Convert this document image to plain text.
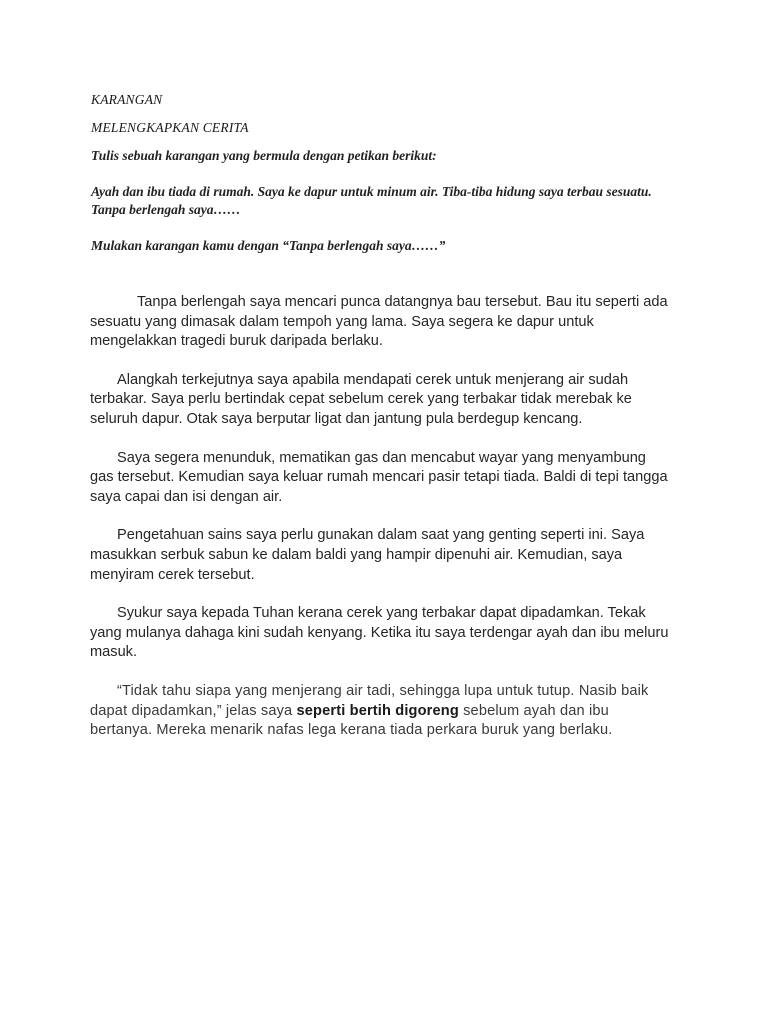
KARANGAN

MELENGKAPKAN CERITA

Tulis sebuah karangan yang bermula dengan petikan berikut:

Ayah dan ibu tiada di rumah. Saya ke dapur untuk minum air. Tiba-tiba hidung saya terbau sesuatu.
Tanpa berlengah saya……

Mulakan karangan kamu dengan “Tanpa berlengah saya……”

Tanpa berlengah saya mencari punca datangnya bau tersebut. Bau itu seperti ada sesuatu yang dimasak dalam tempoh yang lama. Saya segera ke dapur untuk mengelakkan tragedi buruk daripada berlaku.

Alangkah terkejutnya saya apabila mendapati cerek untuk menjerang air sudah terbakar. Saya perlu bertindak cepat sebelum cerek yang terbakar tidak merebak ke seluruh dapur. Otak saya berputar ligat dan jantung pula berdegup kencang.

Saya segera menunduk, mematikan gas dan mencabut wayar yang menyambung gas tersebut. Kemudian saya keluar rumah mencari pasir tetapi tiada. Baldi di tepi tangga saya capai dan isi dengan air.

Pengetahuan sains saya perlu gunakan dalam saat yang genting seperti ini. Saya masukkan serbuk sabun ke dalam baldi yang hampir dipenuhi air. Kemudian, saya menyiram cerek tersebut.

Syukur saya kepada Tuhan kerana cerek yang terbakar dapat dipadamkan. Tekak yang mulanya dahaga kini sudah kenyang. Ketika itu saya terdengar ayah dan ibu meluru masuk.

“Tidak tahu siapa yang menjerang air tadi, sehingga lupa untuk tutup. Nasib baik dapat dipadamkan,” jelas saya seperti bertih digoreng sebelum ayah dan ibu bertanya. Mereka menarik nafas lega kerana tiada perkara buruk yang berlaku.
